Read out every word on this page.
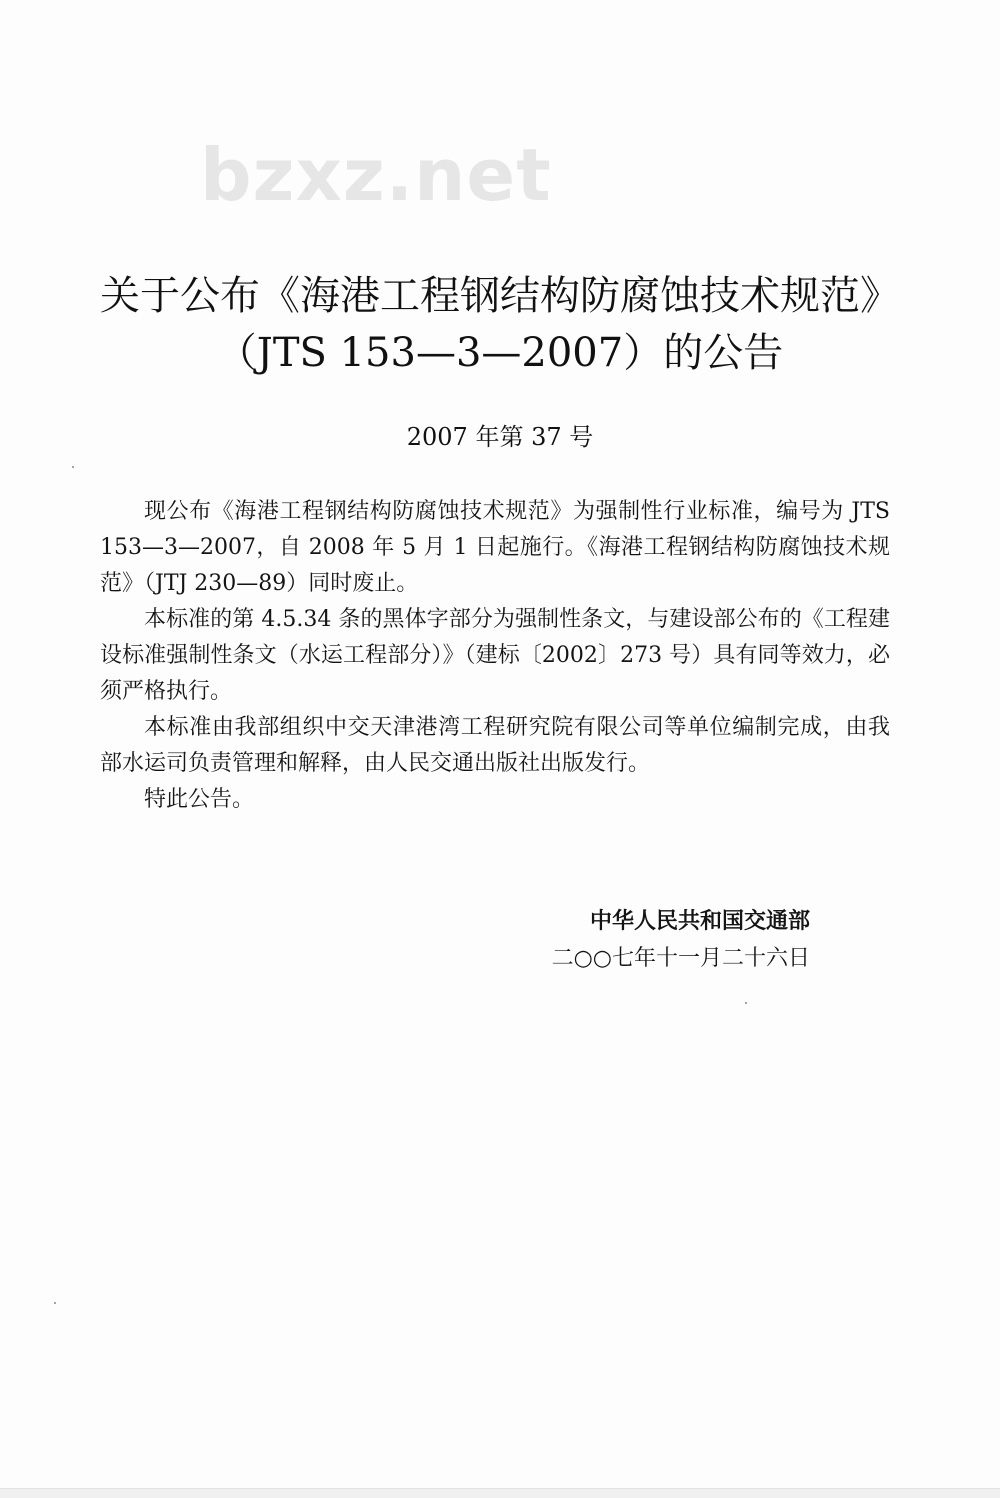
bzxz.net
关于公布《海港工程钢结构防腐蚀技术规范》
（JTS 153—3—2007）的公告
2007 年第 37 号

现公布《海港工程钢结构防腐蚀技术规范》为强制性行业标准，编号为 JTS 153—3—2007，自 2008 年 5 月 1 日起施行。《海港工程钢结构防腐蚀技术规范》（JTJ 230—89）同时废止。

本标准的第 4.5.34 条的黑体字部分为强制性条文，与建设部公布的《工程建设标准强制性条文（水运工程部分）》（建标〔2002〕273 号）具有同等效力，必须严格执行。

本标准由我部组织中交天津港湾工程研究院有限公司等单位编制完成，由我部水运司负责管理和解释，由人民交通出版社出版发行。

特此公告。

中华人民共和国交通部
二○○七年十一月二十六日
